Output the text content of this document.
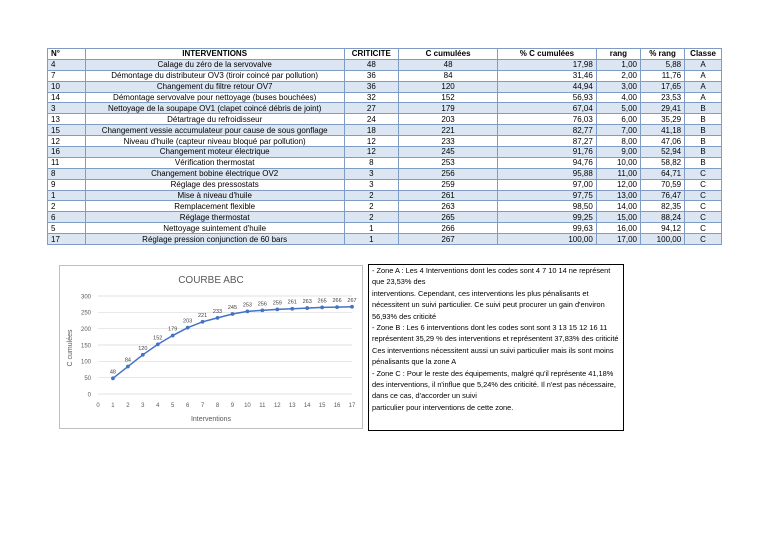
N°	INTERVENTIONS	CRITICITE	C cumulées	% C cumulées	rang	% rang	Classe
4	Calage du zéro de la servovalve	48	48	17,98	1,00	5,88	A
7	Démontage du distributeur OV3 (tiroir coincé par pollution)	36	84	31,46	2,00	11,76	A
10	Changement du filtre retour OV7	36	120	44,94	3,00	17,65	A
14	Démontage servovalve pour nettoyage (buses bouchées)	32	152	56,93	4,00	23,53	A
3	Nettoyage de la soupape OV1 (clapet coincé débris de joint)	27	179	67,04	5,00	29,41	B
13	Détartrage du refroidisseur	24	203	76,03	6,00	35,29	B
15	Changement vessie accumulateur pour cause de sous gonflage	18	221	82,77	7,00	41,18	B
12	Niveau d'huile (capteur niveau bloqué par pollution)	12	233	87,27	8,00	47,06	B
16	Changement moteur électrique	12	245	91,76	9,00	52,94	B
11	Vérification thermostat	8	253	94,76	10,00	58,82	B
8	Changement bobine électrique OV2	3	256	95,88	11,00	64,71	C
9	Réglage des pressostats	3	259	97,00	12,00	70,59	C
1	Mise à niveau d'huile	2	261	97,75	13,00	76,47	C
2	Remplacement flexible	2	263	98,50	14,00	82,35	C
6	Réglage thermostat	2	265	99,25	15,00	88,24	C
5	Nettoyage suintement d'huile	1	266	99,63	16,00	94,12	C
17	Réglage pression conjunction de 60 bars	1	267	100,00	17,00	100,00	C
0
50
100
150
200
250
300
0 1 2 3 4 5 6 7 8 9 10 11 12 13 14 15 16 17
48
84
120
152
179
203
221
233
245 253 256 259 261 263 265 266 267
COURBE ABC
Interventions
C cumulées

- Zone A : Les 4 Interventions dont les codes sont 4 7 10 14 ne représent que 23,53% des

interventions. Cependant, ces interventions les plus pénalisants et nécessitent un suivi particulier. Ce suivi peut procurer un gain d'environ 56,93% des criticité

- Zone B : Les 6 interventions dont les codes sont sont 3 13 15 12 16 11 représentent 35,29 % des interventions et représentent 37,83% des criticité

Ces interventions nécessitent aussi un suivi particulier mais ils sont moins pénalisants que la zone A

- Zone C : Pour le reste des équipements, malgré qu'il représente 41,18% des interventions, il n'influe que 5,24% des criticité. Il n'est pas nécessaire, dans ce cas, d'accorder un suivi

particulier pour interventions de cette zone.
